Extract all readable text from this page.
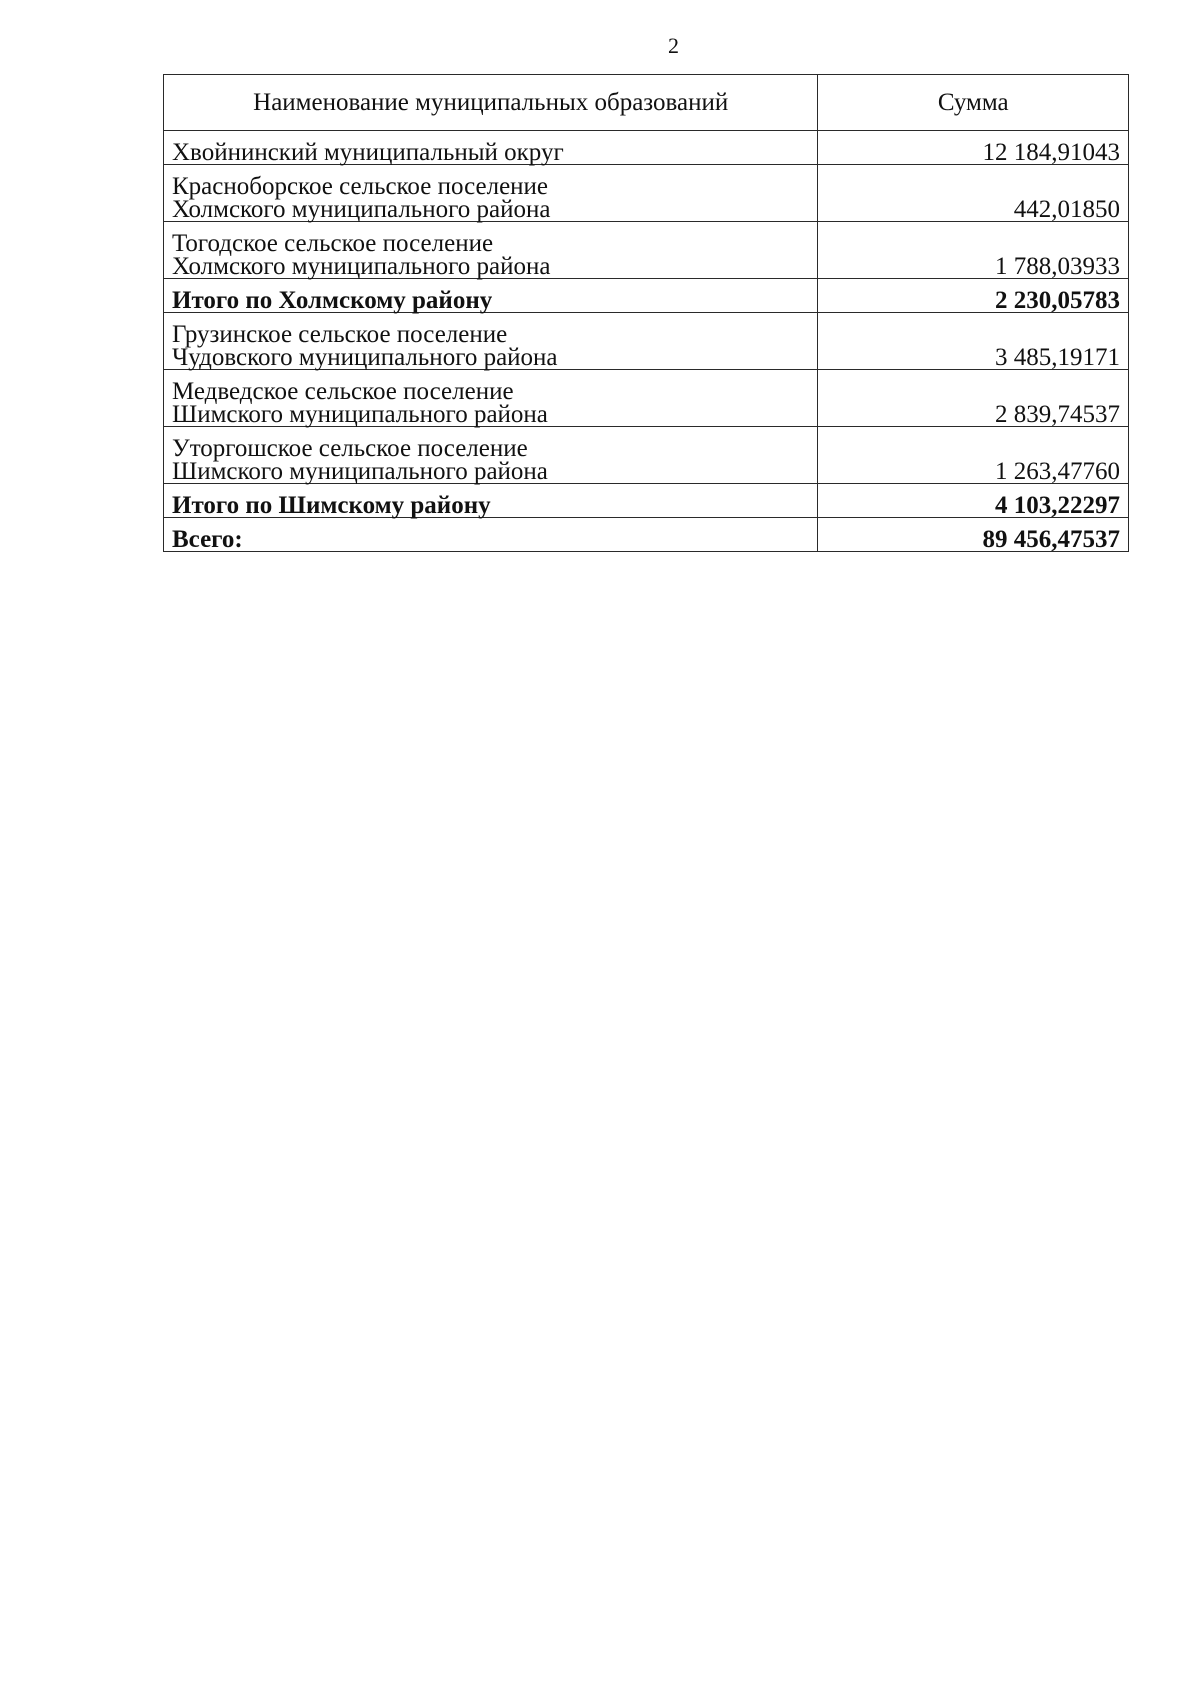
2
Наименование муниципальных образований	Сумма

Хвойнинский муниципальный округ	12 184,91043

Красноборское сельское поселение
Холмского муниципального района	442,01850

Тогодское сельское поселение
Холмского муниципального района	1 788,03933

Итого по Холмскому району	2 230,05783

Грузинское сельское поселение
Чудовского муниципального района	3 485,19171

Медведское сельское поселение
Шимского муниципального района	2 839,74537

Уторгошское сельское поселение
Шимского муниципального района	1 263,47760

Итого по Шимскому району	4 103,22297

Всего:	89 456,47537
